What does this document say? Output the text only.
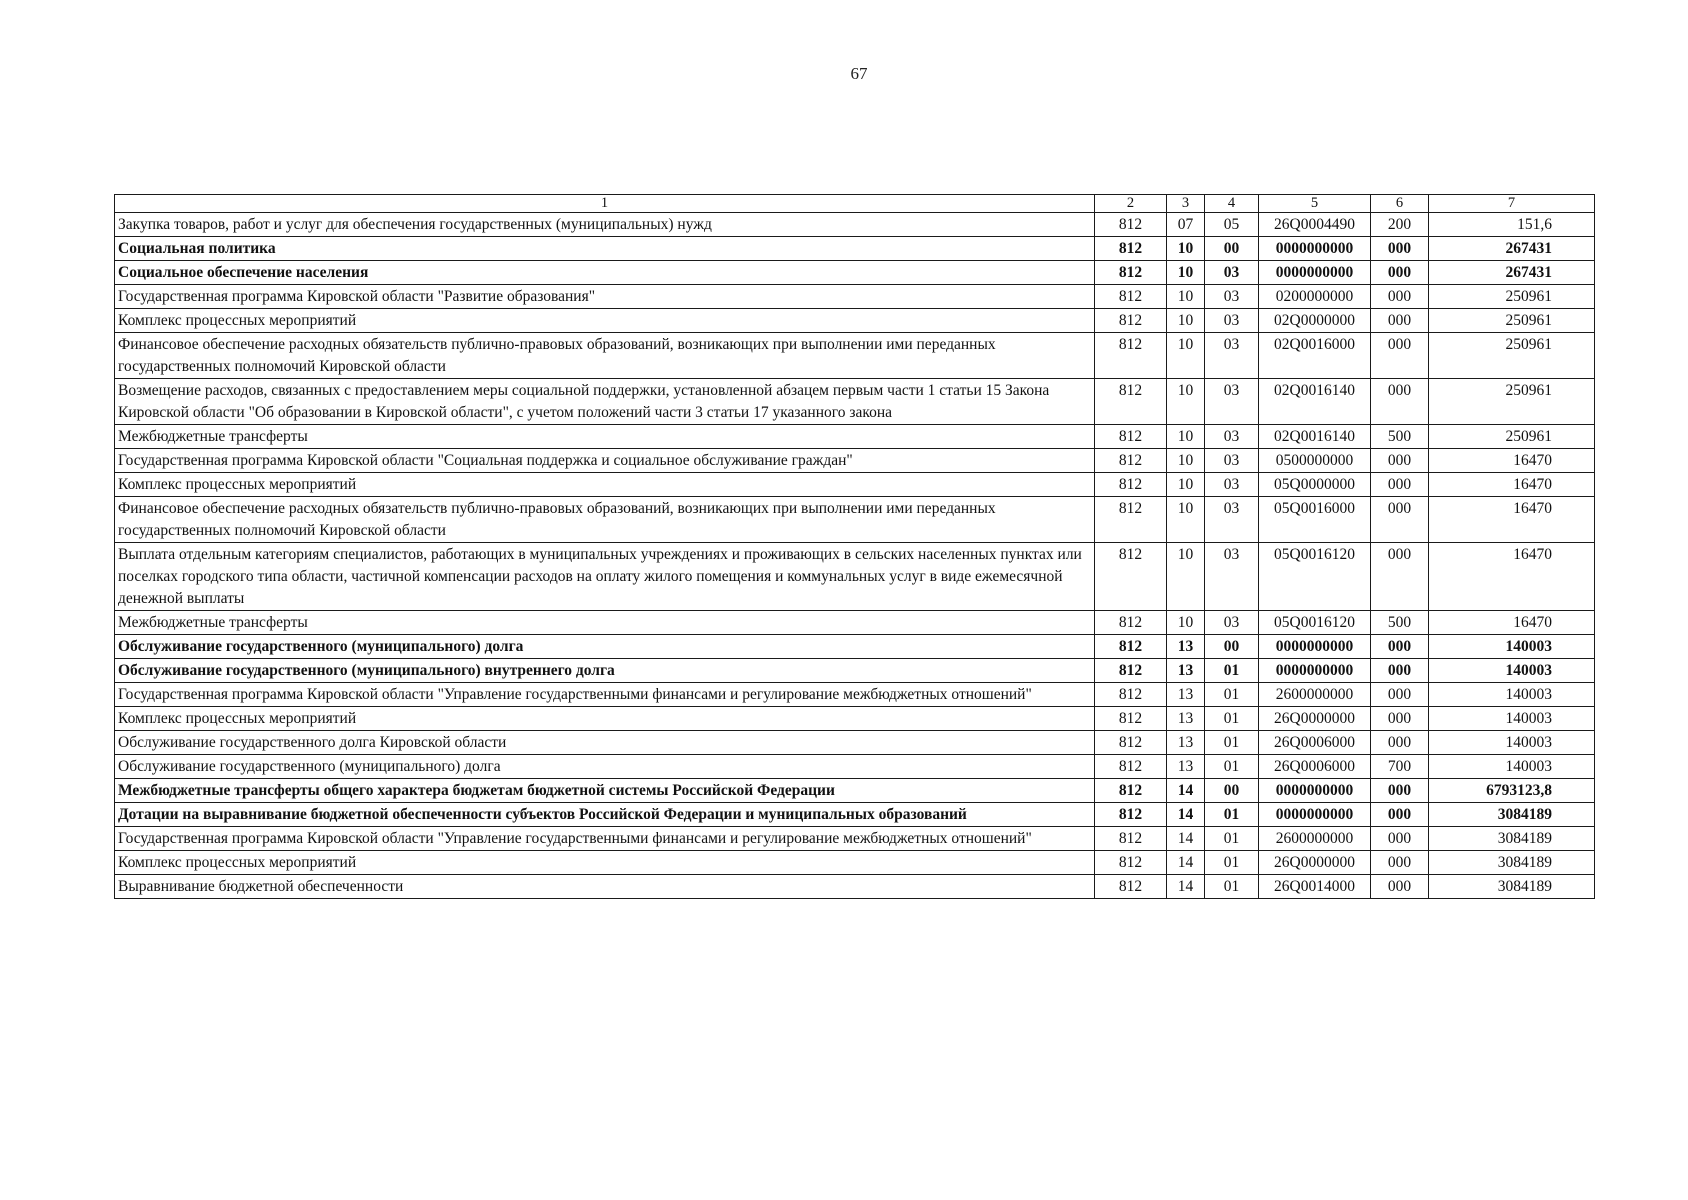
67
1	2	3	4	5	6	7
Закупка товаров, работ и услуг для обеспечения государственных (муниципальных) нужд	812	07	05	26Q0004490	200	151,6
Социальная политика	812	10	00	0000000000	000	267431
Социальное обеспечение населения	812	10	03	0000000000	000	267431
Государственная программа Кировской области "Развитие образования"	812	10	03	0200000000	000	250961
Комплекс процессных мероприятий	812	10	03	02Q0000000	000	250961
Финансовое обеспечение расходных обязательств публично-правовых образований, возникающих при выполнении ими переданных государственных полномочий Кировской области	812	10	03	02Q0016000	000	250961
Возмещение расходов, связанных с предоставлением меры социальной поддержки, установленной абзацем первым части 1 статьи 15 Закона Кировской области "Об образовании в Кировской области", с учетом положений части 3 статьи 17 указанного закона	812	10	03	02Q0016140	000	250961
Межбюджетные трансферты	812	10	03	02Q0016140	500	250961
Государственная программа Кировской области "Социальная поддержка и социальное обслуживание граждан"	812	10	03	0500000000	000	16470
Комплекс процессных мероприятий	812	10	03	05Q0000000	000	16470
Финансовое обеспечение расходных обязательств публично-правовых образований, возникающих при выполнении ими переданных государственных полномочий Кировской области	812	10	03	05Q0016000	000	16470
Выплата отдельным категориям специалистов, работающих в муниципальных учреждениях и проживающих в сельских населенных пунктах или поселках городского типа области, частичной компенсации расходов на оплату жилого помещения и коммунальных услуг в виде ежемесячной денежной выплаты	812	10	03	05Q0016120	000	16470
Межбюджетные трансферты	812	10	03	05Q0016120	500	16470
Обслуживание государственного (муниципального) долга	812	13	00	0000000000	000	140003
Обслуживание государственного (муниципального) внутреннего долга	812	13	01	0000000000	000	140003
Государственная программа Кировской области "Управление государственными финансами и регулирование межбюджетных отношений"	812	13	01	2600000000	000	140003
Комплекс процессных мероприятий	812	13	01	26Q0000000	000	140003
Обслуживание государственного долга Кировской области	812	13	01	26Q0006000	000	140003
Обслуживание государственного (муниципального) долга	812	13	01	26Q0006000	700	140003
Межбюджетные трансферты общего характера бюджетам бюджетной системы Российской Федерации	812	14	00	0000000000	000	6793123,8
Дотации на выравнивание бюджетной обеспеченности субъектов Российской Федерации и муниципальных образований	812	14	01	0000000000	000	3084189
Государственная программа Кировской области "Управление государственными финансами и регулирование межбюджетных отношений"	812	14	01	2600000000	000	3084189
Комплекс процессных мероприятий	812	14	01	26Q0000000	000	3084189
Выравнивание бюджетной обеспеченности	812	14	01	26Q0014000	000	3084189
